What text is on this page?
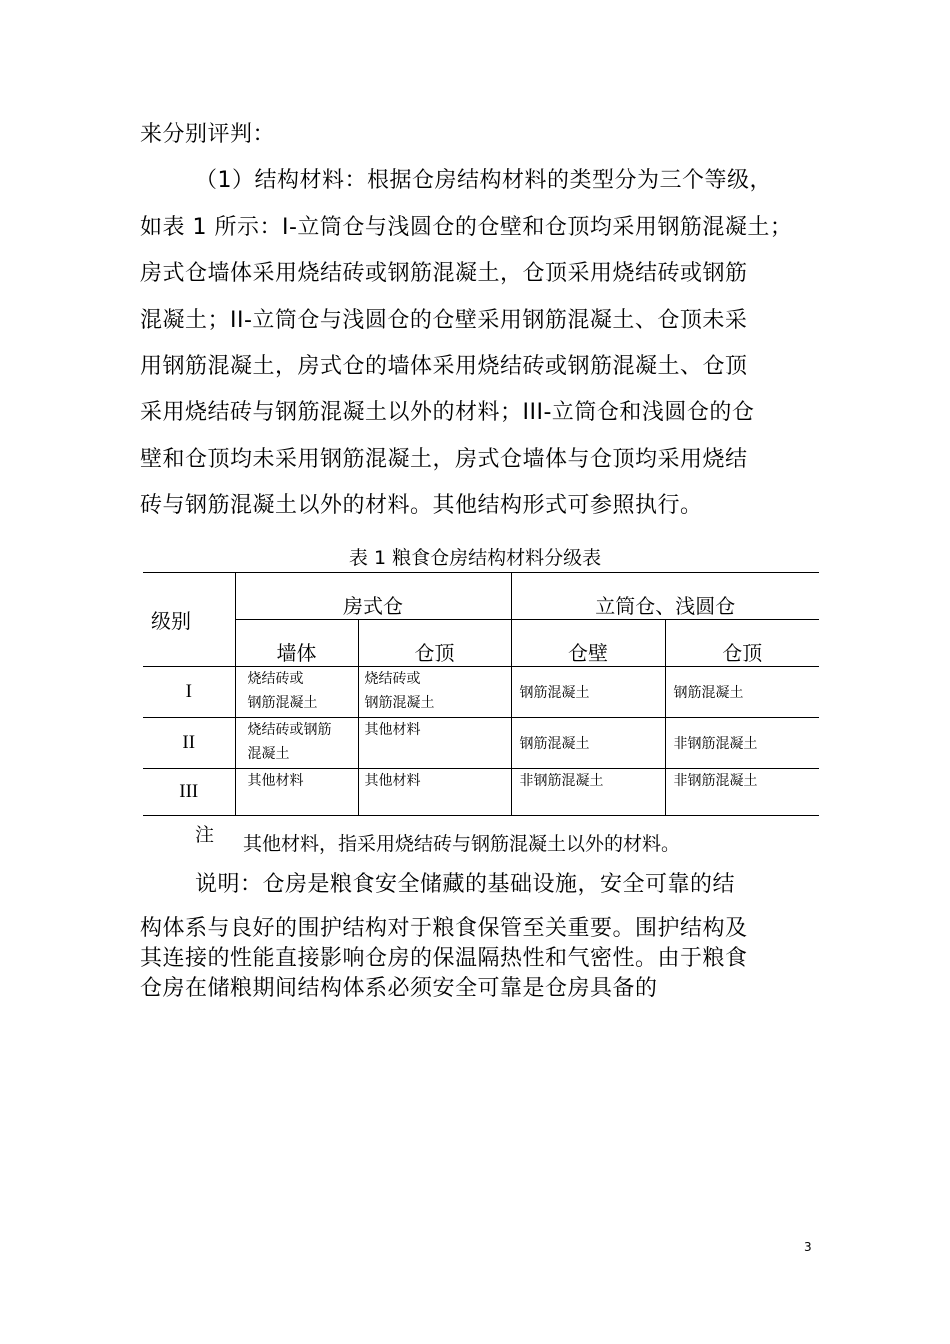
来分别评判：
（1）结构材料：根据仓房结构材料的类型分为三个等级，
如表 1 所示：I-立筒仓与浅圆仓的仓壁和仓顶均采用钢筋混凝土；
房式仓墙体采用烧结砖或钢筋混凝土，仓顶采用烧结砖或钢筋
混凝土；II-立筒仓与浅圆仓的仓壁采用钢筋混凝土、仓顶未采
用钢筋混凝土，房式仓的墙体采用烧结砖或钢筋混凝土、仓顶
采用烧结砖与钢筋混凝土以外的材料；III-立筒仓和浅圆仓的仓
壁和仓顶均未采用钢筋混凝土，房式仓墙体与仓顶均采用烧结
砖与钢筋混凝土以外的材料。其他结构形式可参照执行。
表 1 粮食仓房结构材料分级表
级别	房式仓		立筒仓、浅圆仓	
	墙体	仓顶	仓壁	仓顶
I	烧结砖或
钢筋混凝土	烧结砖或
钢筋混凝土	钢筋混凝土	钢筋混凝土
II	烧结砖或钢筋
混凝土	其他材料	钢筋混凝土	非钢筋混凝土
III	其他材料	其他材料	非钢筋混凝土	非钢筋混凝土
注 其他材料，指采用烧结砖与钢筋混凝土以外的材料。
说明：仓房是粮食安全储藏的基础设施，安全可靠的结
构体系与良好的围护结构对于粮食保管至关重要。围护结构及
其连接的性能直接影响仓房的保温隔热性和气密性。由于粮食
仓房在储粮期间结构体系必须安全可靠是仓房具备的
3
